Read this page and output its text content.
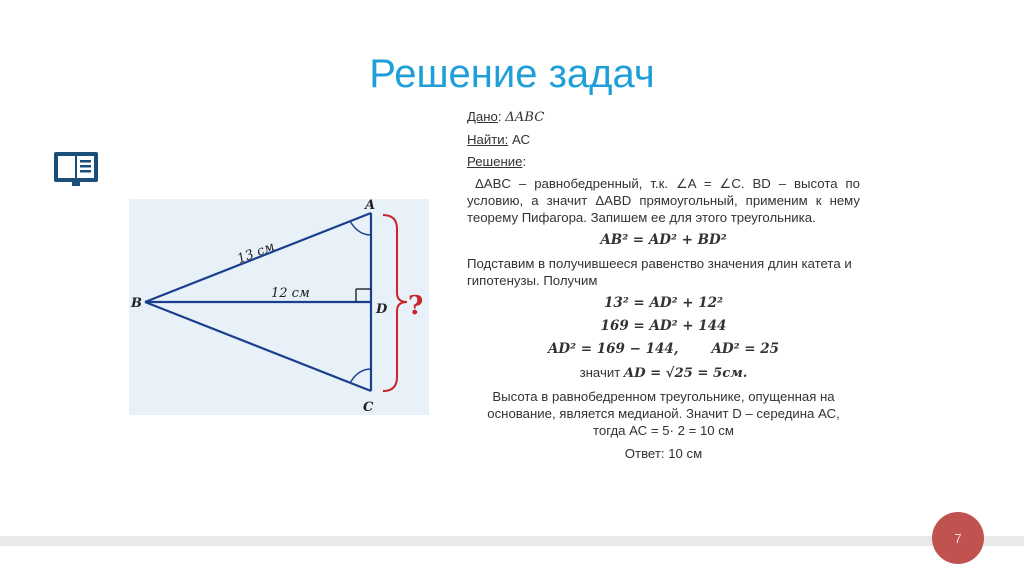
Решение задач
13 см
12 см
A
B
C
D ?
Дано: ΔABC
Найти: АС
Решение:
ΔABC – равнобедренный, т.к. ∠A = ∠C. BD – высота по условию, а значит ΔABD прямоугольный, применим к нему теорему Пифагора. Запишем ее для этого треугольника.
AB² = AD² + BD²
Подставим в получившееся равенство значения длин катета и гипотенузы. Получим
13² = AD² + 12²
169 = AD² + 144
AD² = 169 − 144, AD² = 25
значит AD = √25 = 5см.
Высота в равнобедренном треугольнике, опущенная на
основание, является медианой. Значит D – середина АС,
тогда АС = 5· 2 = 10 см
Ответ: 10 см
7
